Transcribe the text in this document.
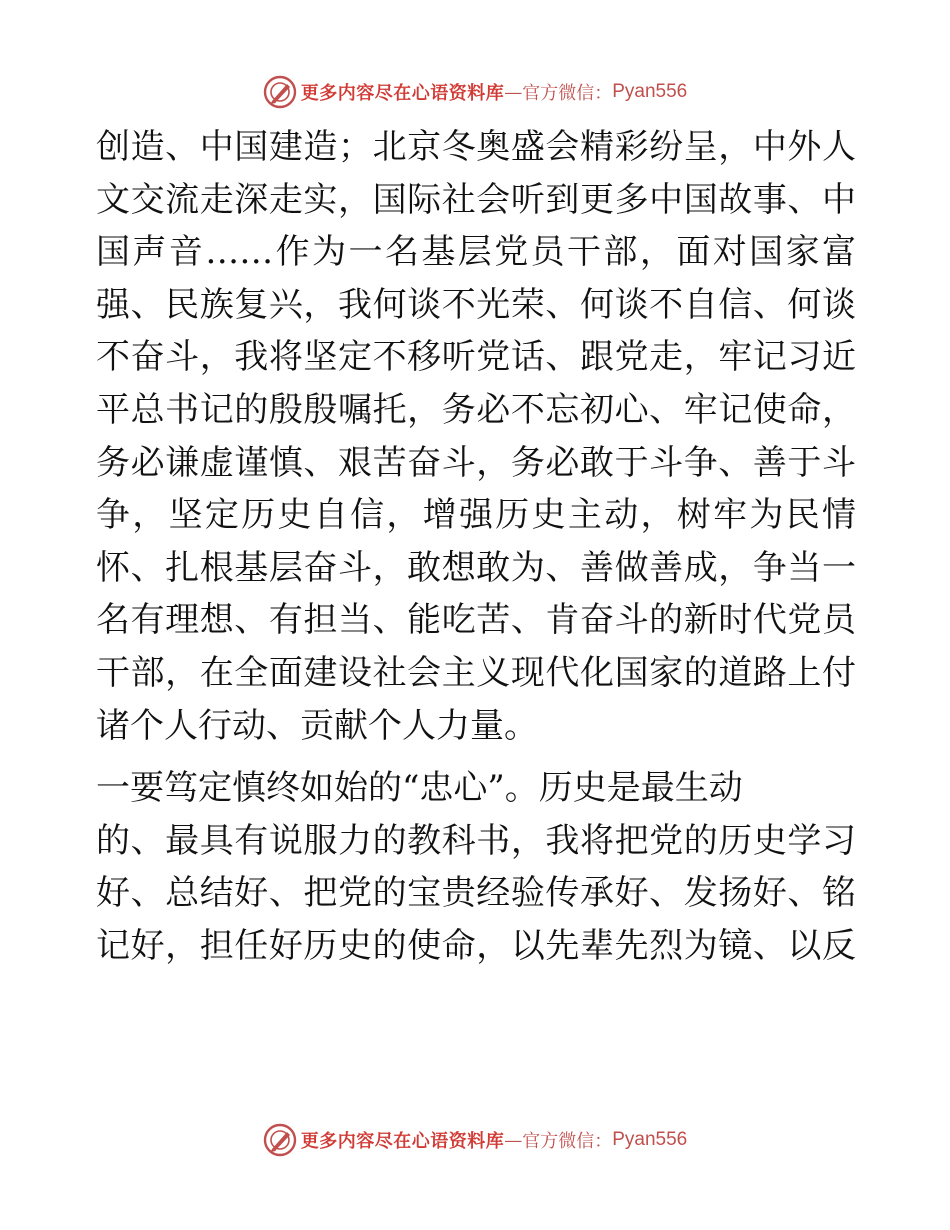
更多内容尽在心语资料库 — 官方微信： Pyan556
创造、中国建造；北京冬奥盛会精彩纷呈，中外人
文交流走深走实，国际社会听到更多中国故事、中
国声音……作为一名基层党员干部，面对国家富
强、民族复兴，我何谈不光荣、何谈不自信、何谈
不奋斗，我将坚定不移听党话、跟党走，牢记习近
平总书记的殷殷嘱托，务必不忘初心、牢记使命，
务必谦虚谨慎、艰苦奋斗，务必敢于斗争、善于斗
争，坚定历史自信，增强历史主动，树牢为民情
怀、扎根基层奋斗，敢想敢为、善做善成，争当一
名有理想、有担当、能吃苦、肯奋斗的新时代党员
干部，在全面建设社会主义现代化国家的道路上付
诸个人行动、贡献个人力量。
一要笃定慎终如始的“忠心”。历史是最生动
的、最具有说服力的教科书，我将把党的历史学习
好、总结好、把党的宝贵经验传承好、发扬好、铭
记好，担任好历史的使命，以先辈先烈为镜、以反
更多内容尽在心语资料库 — 官方微信： Pyan556
